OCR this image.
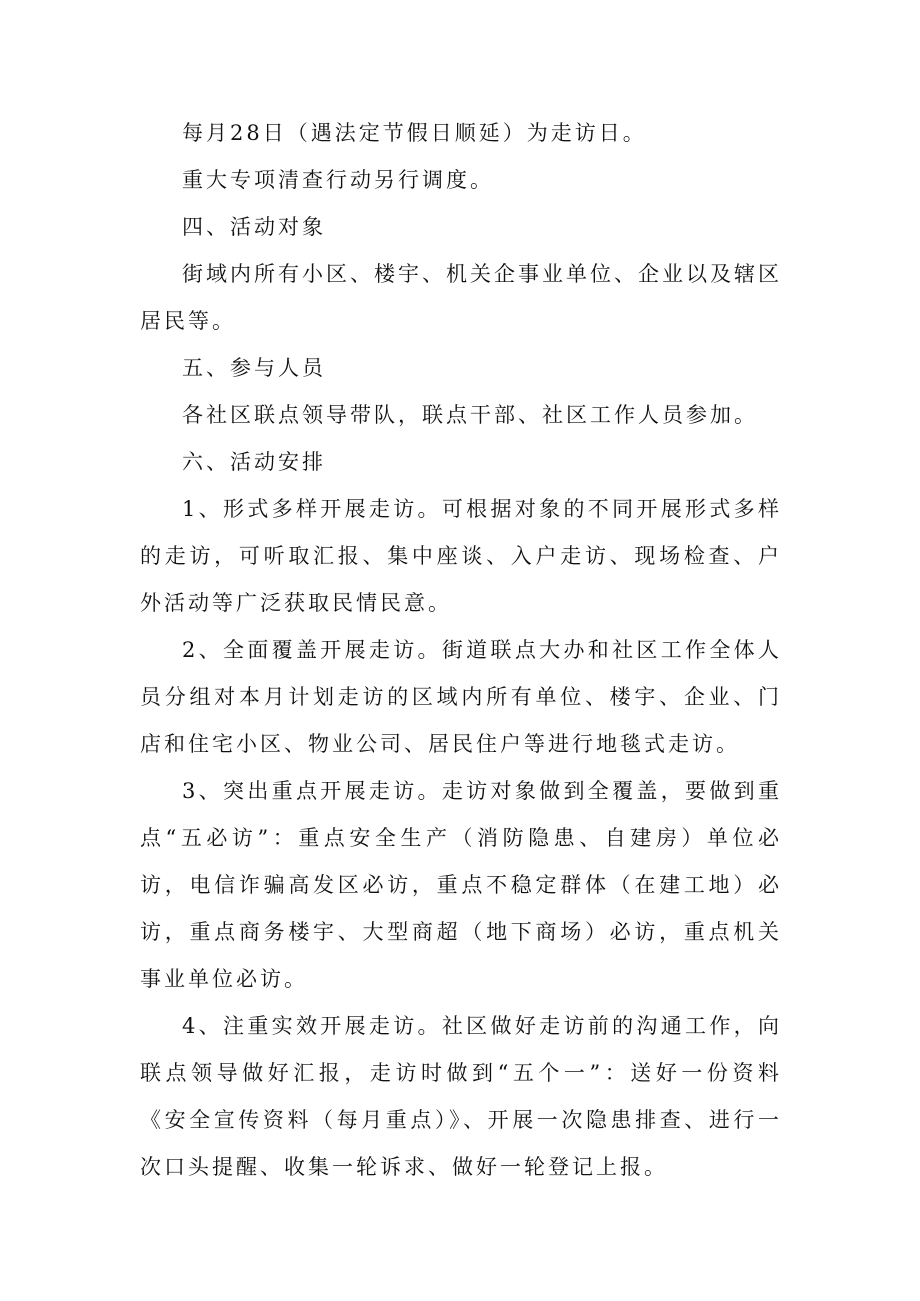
每月28日（遇法定节假日顺延）为走访日。

重大专项清查行动另行调度。

四、活动对象

街域内所有小区、楼宇、机关企事业单位、企业以及辖区居民等。

五、参与人员

各社区联点领导带队，联点干部、社区工作人员参加。

六、活动安排

1、形式多样开展走访。可根据对象的不同开展形式多样的走访，可听取汇报、集中座谈、入户走访、现场检查、户外活动等广泛获取民情民意。

2、全面覆盖开展走访。街道联点大办和社区工作全体人员分组对本月计划走访的区域内所有单位、楼宇、企业、门店和住宅小区、物业公司、居民住户等进行地毯式走访。

3、突出重点开展走访。走访对象做到全覆盖，要做到重点“五必访”：重点安全生产（消防隐患、自建房）单位必访，电信诈骗高发区必访，重点不稳定群体（在建工地）必访，重点商务楼宇、大型商超（地下商场）必访，重点机关事业单位必访。

4、注重实效开展走访。社区做好走访前的沟通工作，向联点领导做好汇报，走访时做到“五个一”：送好一份资料《安全宣传资料（每月重点）》、开展一次隐患排查、进行一次口头提醒、收集一轮诉求、做好一轮登记上报。
